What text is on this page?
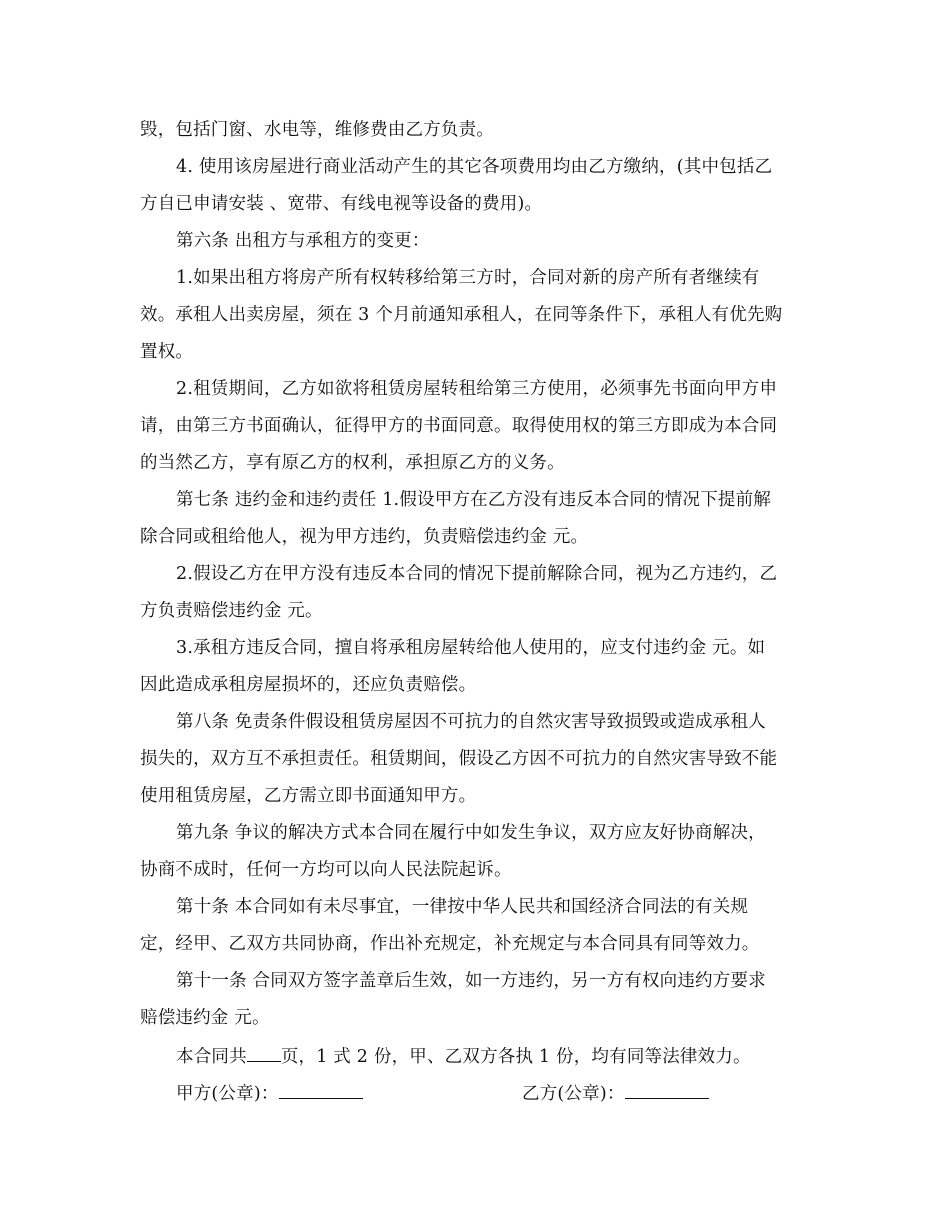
毁，包括门窗、水电等，维修费由乙方负责。
4. 使用该房屋进行商业活动产生的其它各项费用均由乙方缴纳，(其中包括乙
方自已申请安装 、宽带、有线电视等设备的费用)。
第六条 出租方与承租方的变更：
1.如果出租方将房产所有权转移给第三方时，合同对新的房产所有者继续有
效。承租人出卖房屋，须在 3 个月前通知承租人，在同等条件下，承租人有优先购
置权。
2.租赁期间，乙方如欲将租赁房屋转租给第三方使用，必须事先书面向甲方申
请，由第三方书面确认，征得甲方的书面同意。取得使用权的第三方即成为本合同
的当然乙方，享有原乙方的权利，承担原乙方的义务。
第七条 违约金和违约责任 1.假设甲方在乙方没有违反本合同的情况下提前解
除合同或租给他人，视为甲方违约，负责赔偿违约金 元。
2.假设乙方在甲方没有违反本合同的情况下提前解除合同，视为乙方违约，乙
方负责赔偿违约金 元。
3.承租方违反合同，擅自将承租房屋转给他人使用的，应支付违约金 元。如
因此造成承租房屋损坏的，还应负责赔偿。
第八条 免责条件假设租赁房屋因不可抗力的自然灾害导致损毁或造成承租人
损失的，双方互不承担责任。租赁期间，假设乙方因不可抗力的自然灾害导致不能
使用租赁房屋，乙方需立即书面通知甲方。
第九条 争议的解决方式本合同在履行中如发生争议，双方应友好协商解决，
协商不成时，任何一方均可以向人民法院起诉。
第十条 本合同如有未尽事宜，一律按中华人民共和国经济合同法的有关规
定，经甲、乙双方共同协商，作出补充规定，补充规定与本合同具有同等效力。
第十一条 合同双方签字盖章后生效，如一方违约，另一方有权向违约方要求
赔偿违约金 元。
本合同共 页，1 式 2 份，甲、乙双方各执 1 份，均有同等法律效力。
甲方(公章)：	乙方(公章)：
